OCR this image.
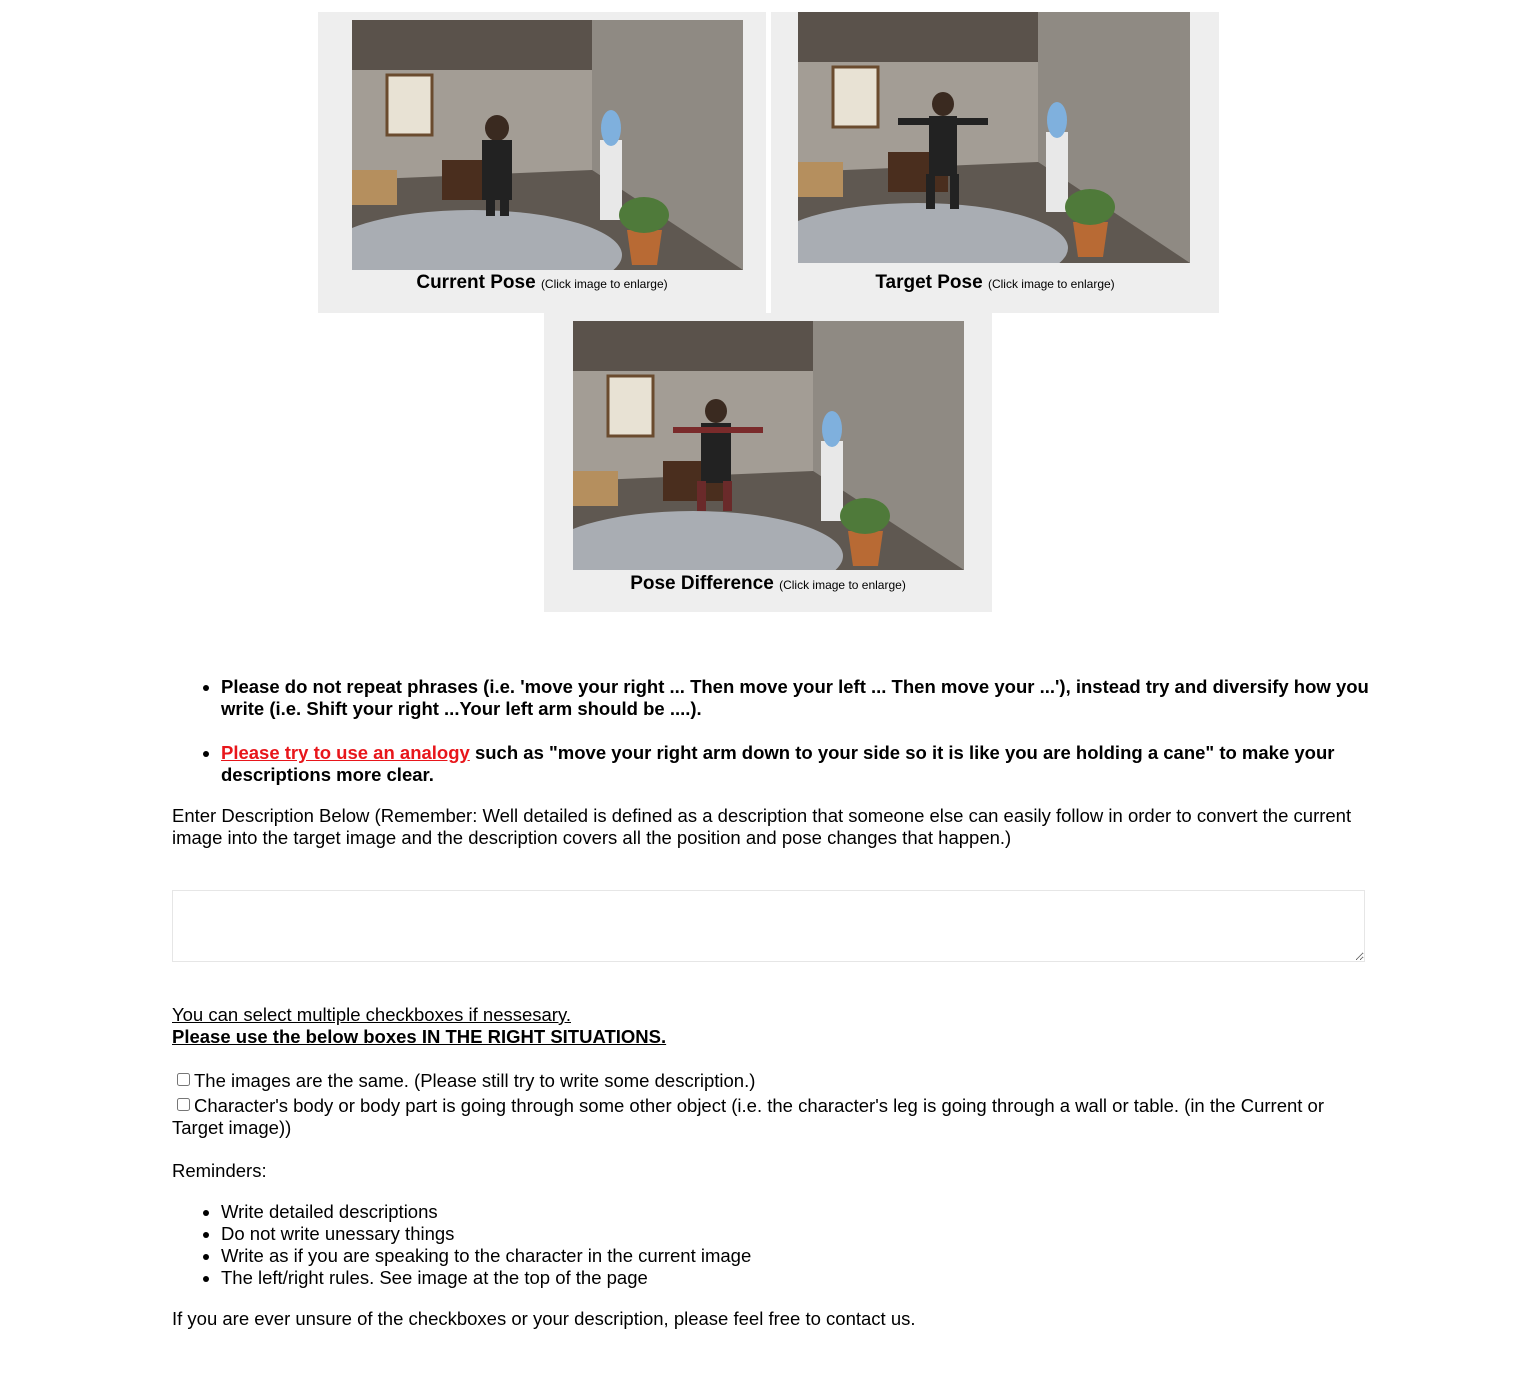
Current Pose (Click image to enlarge)	Target Pose (Click image to enlarge)
Pose Difference (Click image to enlarge)
• Please do not repeat phrases (i.e. 'move your right ... Then move your left ... Then move your ...'), instead try and diversify how you write (i.e. Shift your right ...Your left arm should be ....).
• Please try to use an analogy such as "move your right arm down to your side so it is like you are holding a cane" to make your descriptions more clear.
Enter Description Below (Remember: Well detailed is defined as a description that someone else can easily follow in order to convert the current image into the target image and the description covers all the position and pose changes that happen.)
You can select multiple checkboxes if nessesary.
Please use the below boxes IN THE RIGHT SITUATIONS.
The images are the same. (Please still try to write some description.)
Character's body or body part is going through some other object (i.e. the character's leg is going through a wall or table. (in the Current or Target image))
Reminders:
• Write detailed descriptions
• Do not write unessary things
• Write as if you are speaking to the character in the current image
• The left/right rules. See image at the top of the page
If you are ever unsure of the checkboxes or your description, please feel free to contact us.
